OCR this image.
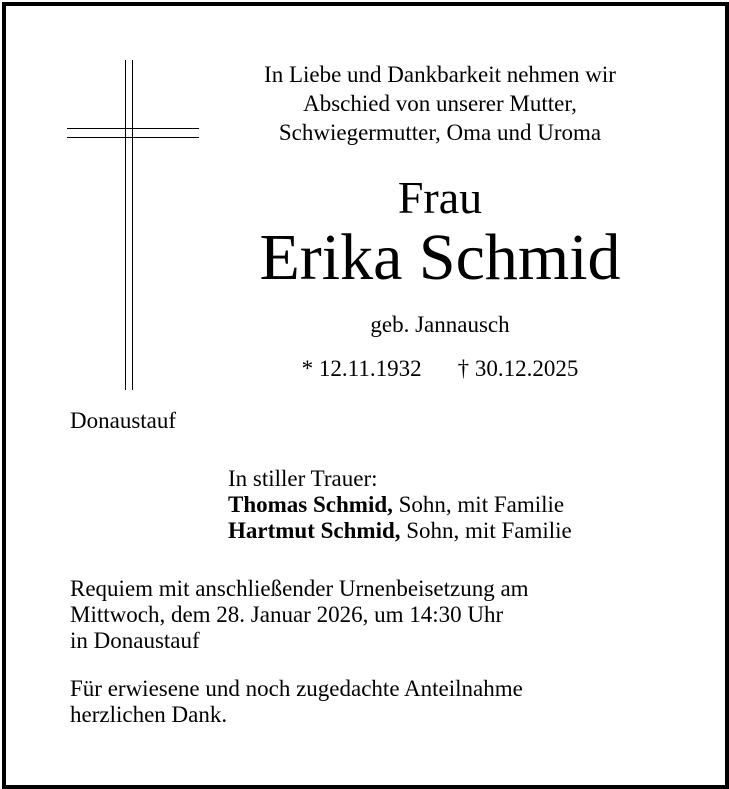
In Liebe und Dankbarkeit nehmen wir
Abschied von unserer Mutter,
Schwiegermutter, Oma und Uroma
Frau
Erika Schmid
geb. Jannausch
* 12.11.1932 † 30.12.2025
Donaustauf
In stiller Trauer:
Thomas Schmid, Sohn, mit Familie
Hartmut Schmid, Sohn, mit Familie
Requiem mit anschließender Urnenbeisetzung am
Mittwoch, dem 28. Januar 2026, um 14:30 Uhr
in Donaustauf
Für erwiesene und noch zugedachte Anteilnahme
herzlichen Dank.
